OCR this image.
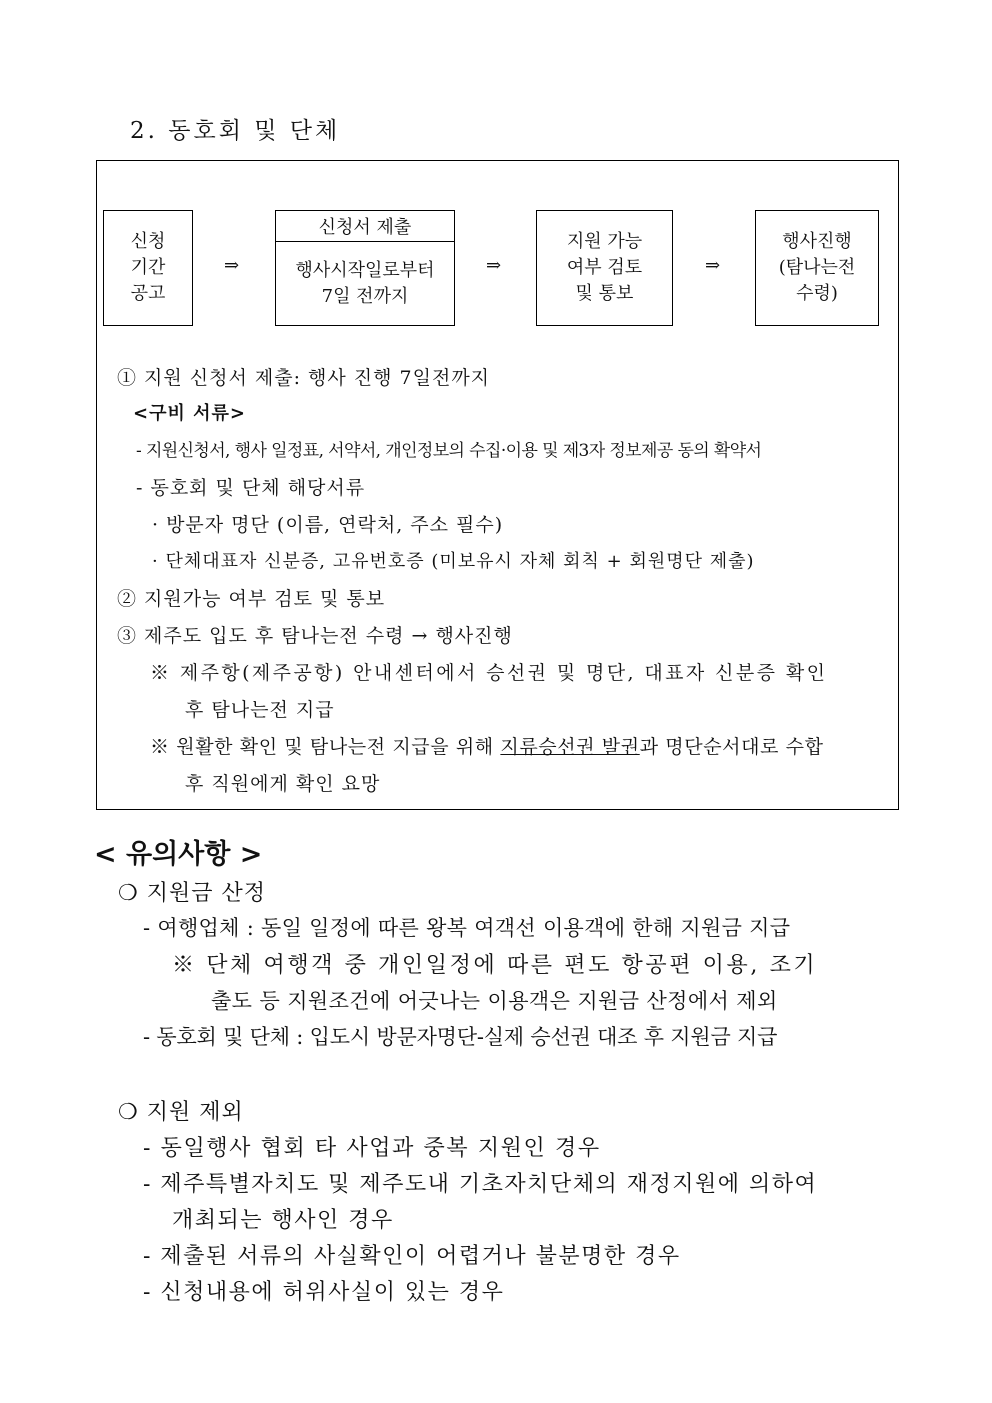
2. 동호회 및 단체
신청
기간
공고
⇒
신청서 제출
행사시작일로부터
7일 전까지
⇒
지원 가능
여부 검토
및 통보
⇒
행사진행
(탐나는전
수령)
① 지원 신청서 제출: 행사 진행 7일전까지
<구비 서류>
- 지원신청서, 행사 일정표, 서약서, 개인정보의 수집·이용 및 제3자 정보제공 동의 확약서
- 동호회 및 단체 해당서류
· 방문자 명단 (이름, 연락처, 주소 필수)
· 단체대표자 신분증, 고유번호증 (미보유시 자체 회칙 + 회원명단 제출)
② 지원가능 여부 검토 및 통보
③ 제주도 입도 후 탐나는전 수령 → 행사진행
※ 제주항(제주공항) 안내센터에서 승선권 및 명단, 대표자 신분증 확인
후 탐나는전 지급
※ 원활한 확인 및 탐나는전 지급을 위해 지류승선권 발권과 명단순서대로 수합
후 직원에게 확인 요망
< 유의사항 >
❍ 지원금 산정
- 여행업체 : 동일 일정에 따른 왕복 여객선 이용객에 한해 지원금 지급
※ 단체 여행객 중 개인일정에 따른 편도 항공편 이용, 조기
출도 등 지원조건에 어긋나는 이용객은 지원금 산정에서 제외
- 동호회 및 단체 : 입도시 방문자명단-실제 승선권 대조 후 지원금 지급
❍ 지원 제외
- 동일행사 협회 타 사업과 중복 지원인 경우
- 제주특별자치도 및 제주도내 기초자치단체의 재정지원에 의하여
개최되는 행사인 경우
- 제출된 서류의 사실확인이 어렵거나 불분명한 경우
- 신청내용에 허위사실이 있는 경우
